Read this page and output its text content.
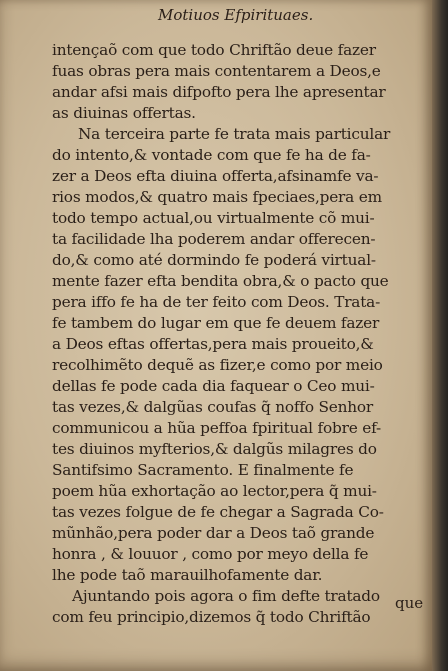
Motiuos Efpirituaes.
intençaõ com que todo Chriftão deue fazer
fuas obras pera mais contentarem a Deos,e
andar afsi mais difpofto pera lhe apresentar
as diuinas offertas.
Na terceira parte fe trata mais particular
do intento,& vontade com que fe ha de fa-
zer a Deos efta diuina offerta,afsinamfe va-
rios modos,& quatro mais fpeciaes,pera em
todo tempo actual,ou virtualmente cõ mui-
ta facilidade lha poderem andar offerecen-
do,& como até dormindo fe poderá virtual-
mente fazer efta bendita obra,& o pacto que
pera iffo fe ha de ter feito com Deos. Trata-
fe tambem do lugar em que fe deuem fazer
a Deos eftas offertas,pera mais proueito,&
recolhimẽto dequẽ as fizer,e como por meio
dellas fe pode cada dia faquear o Ceo mui-
tas vezes,& dalgũas coufas q̃ noffo Senhor
communicou a hũa peffoa fpiritual fobre ef-
tes diuinos myfterios,& dalgũs milagres do
Santifsimo Sacramento. E finalmente fe
poem hũa exhortação ao lector,pera q̃ mui-
tas vezes folgue de fe chegar a Sagrada Co-
mũnhão,pera poder dar a Deos taõ grande
honra , & louuor , como por meyo della fe
lhe pode taõ marauilhofamente dar.
Ajuntando pois agora o fim defte tratado
com feu principio,dizemos q̃ todo Chriftão
que
